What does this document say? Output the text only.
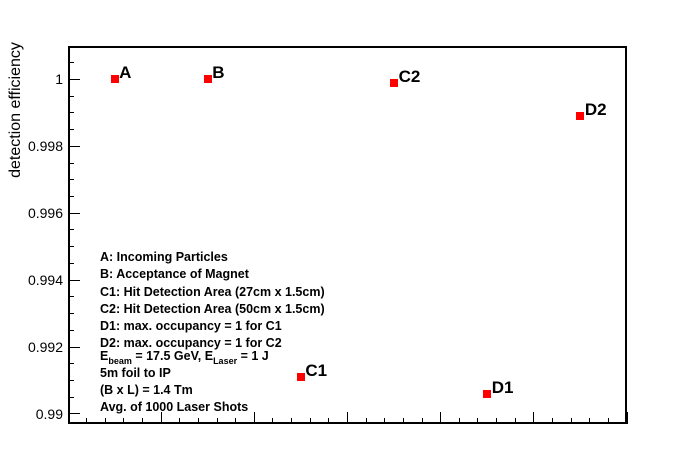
detection efficiency
0.99
0.992
0.994
0.996
0.998
1	A	B
C1
C2
D1
D2
A: Incoming Particles
B: Acceptance of Magnet
C1: Hit Detection Area (27cm x 1.5cm)
C2: Hit Detection Area (50cm x 1.5cm)
D1: max. occupancy = 1 for C1
D2: max. occupancy = 1 for C2
$E_{beam} = 17.5$ GeV, $E_{Laser} = 1$ J
5m foil to IP
(B x L) = 1.4 Tm
Avg. of 1000 Laser Shots
